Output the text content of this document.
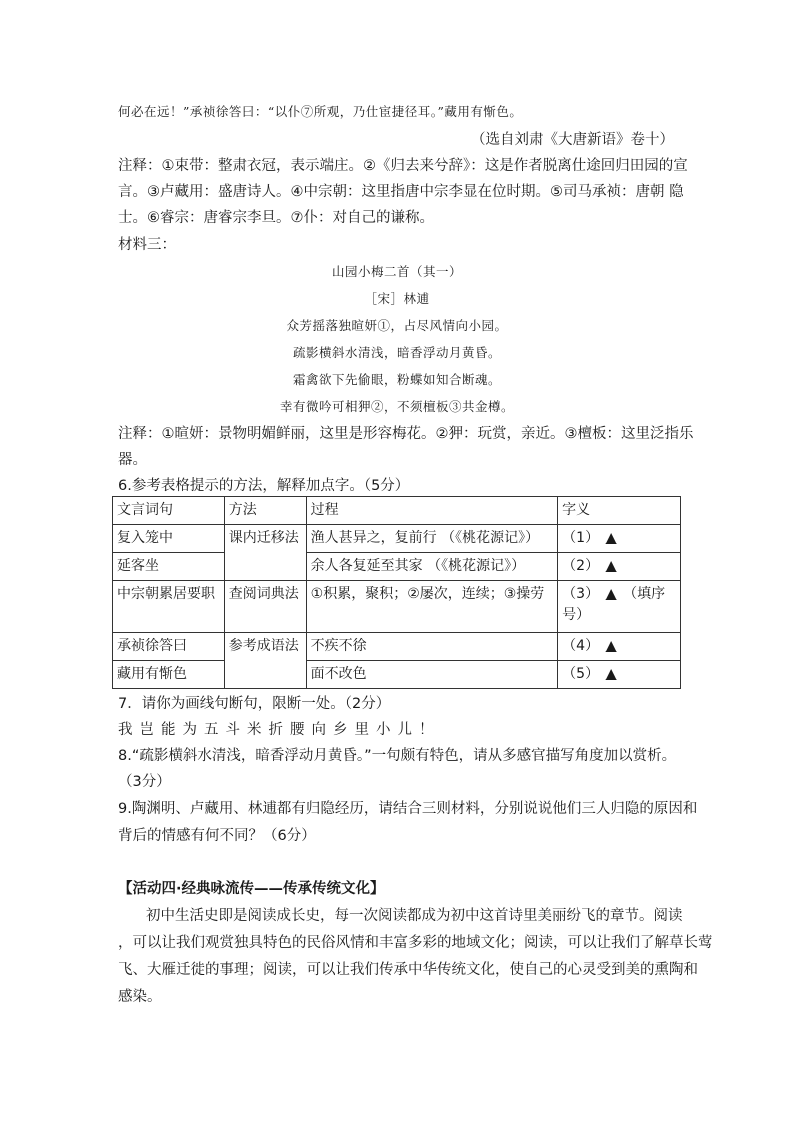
何必在远！”承祯徐答曰：“以仆⑦所观，乃仕宦捷径耳。”藏用有惭色。
（选自刘肃《大唐新语》卷十）
注释：①束带：整肃衣冠，表示端庄。②《归去来兮辞》：这是作者脱离仕途回归田园的宣
言。③卢藏用：盛唐诗人。④中宗朝：这里指唐中宗李显在位时期。⑤司马承祯：唐朝 隐
士。⑥睿宗：唐睿宗李旦。⑦仆：对自己的谦称。
材料三：
山园小梅二首（其一）
［宋］林逋
众芳摇落独暄妍①，占尽风情向小园。
疏影横斜水清浅，暗香浮动月黄昏。
霜禽欲下先偷眼，粉蝶如知合断魂。
幸有微吟可相狎②，不须檀板③共金樽。
注释：①暄妍：景物明媚鲜丽，这里是形容梅花。②狎：玩赏，亲近。③檀板：这里泛指乐
器。
6.参考表格提示的方法，解释加点字。（5分）
文言词句	方法	过程	字义
复入笼中	课内迁移法	渔人甚异之，复前行 （《桃花源记》）	（1） ▲
延客坐		余人各复延至其家 （《桃花源记》）	（2） ▲
中宗朝累居要职	查阅词典法	①积累，聚积；②屡次，连续；③操劳	（3） ▲ （填序
号）
承祯徐答曰	参考成语法	不疾不徐	（4） ▲
藏用有惭色		面不改色	（5） ▲
7．请你为画线句断句，限断一处。（2分）
我岂能为五斗米折腰向乡里小儿！
8.“疏影横斜水清浅，暗香浮动月黄昏。”一句颇有特色，请从多感官描写角度加以赏析。
（3分）
9.陶渊明、卢藏用、林逋都有归隐经历，请结合三则材料，分别说说他们三人归隐的原因和
背后的情感有何不同？（6分）
【活动四·经典咏流传——传承传统文化】
初中生活史即是阅读成长史，每一次阅读都成为初中这首诗里美丽纷飞的章节。阅读
，可以让我们观赏独具特色的民俗风情和丰富多彩的地域文化；阅读，可以让我们了解草长莺
飞、大雁迁徙的事理；阅读，可以让我们传承中华传统文化，使自己的心灵受到美的熏陶和
感染。
